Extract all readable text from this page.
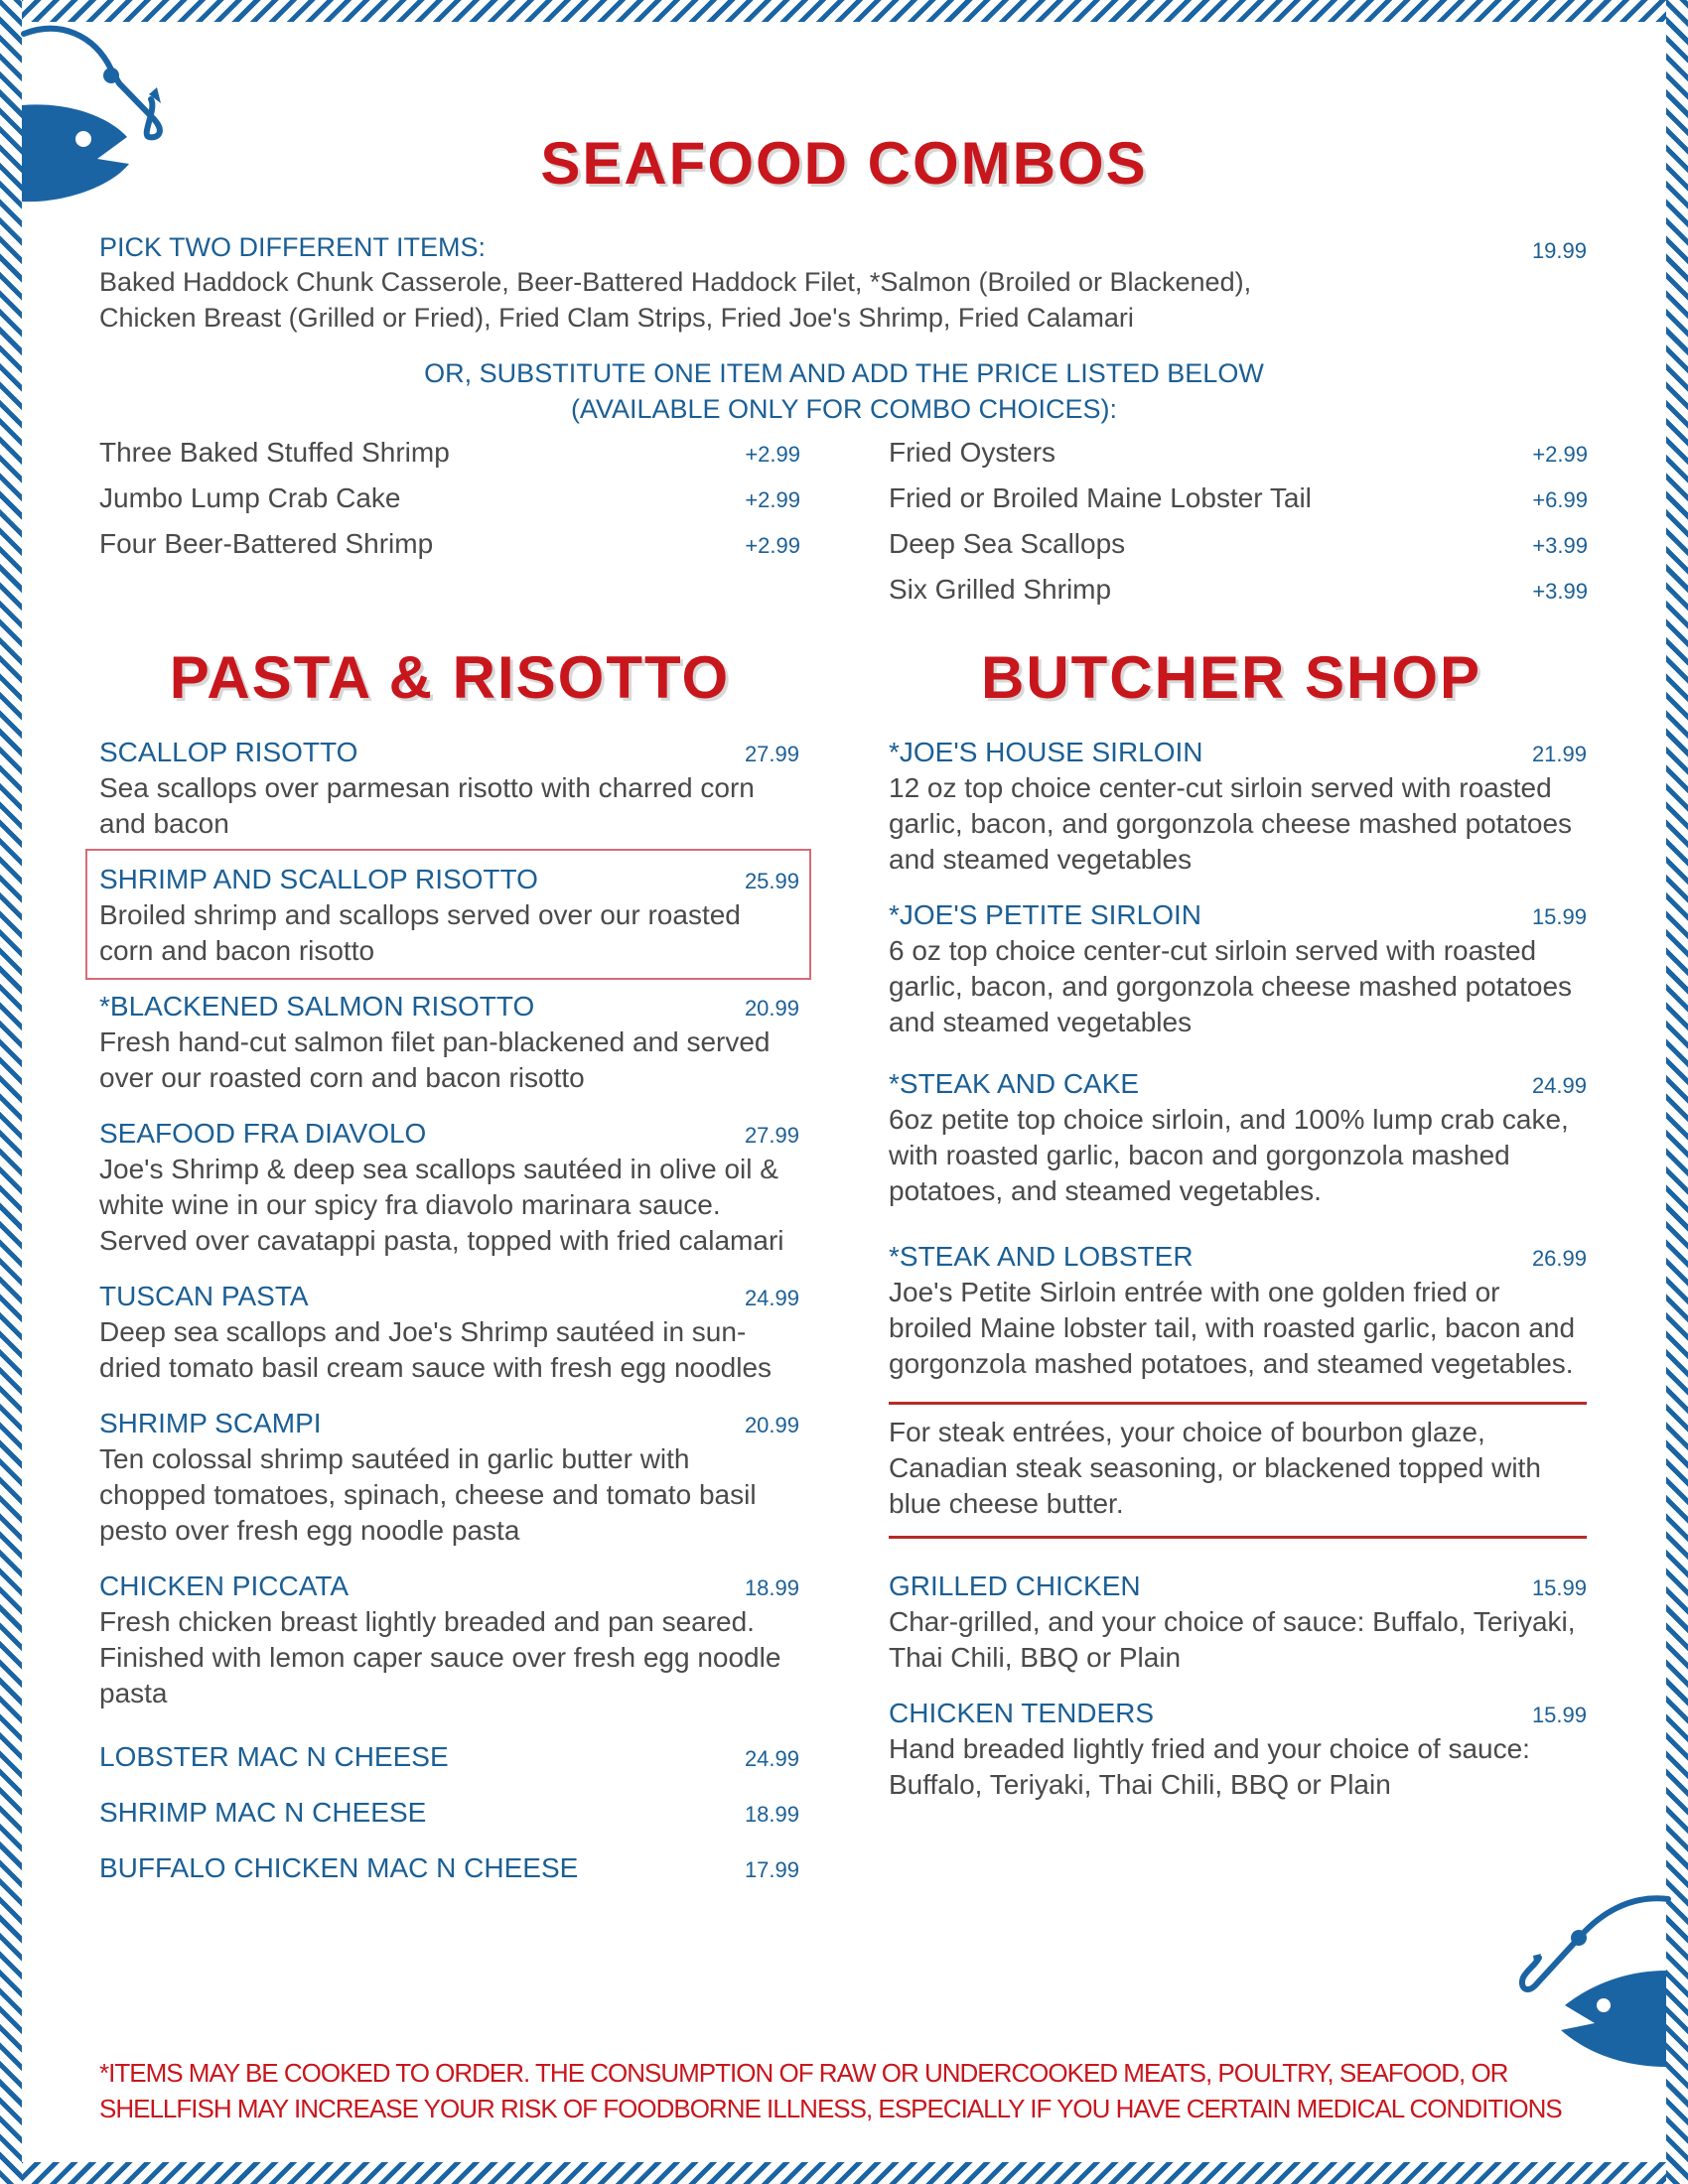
SEAFOOD COMBOS
PICK TWO DIFFERENT ITEMS:	19.99
Baked Haddock Chunk Casserole, Beer-Battered Haddock Filet, *Salmon (Broiled or Blackened),
Chicken Breast (Grilled or Fried), Fried Clam Strips, Fried Joe's Shrimp, Fried Calamari
OR, SUBSTITUTE ONE ITEM AND ADD THE PRICE LISTED BELOW
(AVAILABLE ONLY FOR COMBO CHOICES):
Three Baked Stuffed Shrimp	+2.99
Jumbo Lump Crab Cake	+2.99
Four Beer-Battered Shrimp	+2.99
Fried Oysters	+2.99
Fried or Broiled Maine Lobster Tail	+6.99
Deep Sea Scallops	+3.99
Six Grilled Shrimp	+3.99
PASTA & RISOTTO	BUTCHER SHOP
SCALLOP RISOTTO	27.99
Sea scallops over parmesan risotto with charred corn and bacon
SHRIMP AND SCALLOP RISOTTO	25.99
Broiled shrimp and scallops served over our roasted corn and bacon risotto
*BLACKENED SALMON RISOTTO	20.99
Fresh hand-cut salmon filet pan-blackened and served over our roasted corn and bacon risotto
SEAFOOD FRA DIAVOLO	27.99
Joe's Shrimp & deep sea scallops sautéed in olive oil & white wine in our spicy fra diavolo marinara sauce. Served over cavatappi pasta, topped with fried calamari
TUSCAN PASTA	24.99
Deep sea scallops and Joe's Shrimp sautéed in sun-dried tomato basil cream sauce with fresh egg noodles
SHRIMP SCAMPI	20.99
Ten colossal shrimp sautéed in garlic butter with chopped tomatoes, spinach, cheese and tomato basil pesto over fresh egg noodle pasta
CHICKEN PICCATA	18.99
Fresh chicken breast lightly breaded and pan seared. Finished with lemon caper sauce over fresh egg noodle pasta
LOBSTER MAC N CHEESE	24.99
SHRIMP MAC N CHEESE	18.99
BUFFALO CHICKEN MAC N CHEESE	17.99
*JOE'S HOUSE SIRLOIN	21.99
12 oz top choice center-cut sirloin served with roasted garlic, bacon, and gorgonzola cheese mashed potatoes and steamed vegetables
*JOE'S PETITE SIRLOIN	15.99
6 oz top choice center-cut sirloin served with roasted garlic, bacon, and gorgonzola cheese mashed potatoes and steamed vegetables
*STEAK AND CAKE	24.99
6oz petite top choice sirloin, and 100% lump crab cake, with roasted garlic, bacon and gorgonzola mashed potatoes, and steamed vegetables.
*STEAK AND LOBSTER	26.99
Joe's Petite Sirloin entrée with one golden fried or broiled Maine lobster tail, with roasted garlic, bacon and gorgonzola mashed potatoes, and steamed vegetables.
For steak entrées, your choice of bourbon glaze, Canadian steak seasoning, or blackened topped with blue cheese butter.
GRILLED CHICKEN	15.99
Char-grilled, and your choice of sauce: Buffalo, Teriyaki, Thai Chili, BBQ or Plain
CHICKEN TENDERS	15.99
Hand breaded lightly fried and your choice of sauce: Buffalo, Teriyaki, Thai Chili, BBQ or Plain
*ITEMS MAY BE COOKED TO ORDER. THE CONSUMPTION OF RAW OR UNDERCOOKED MEATS, POULTRY, SEAFOOD, OR SHELLFISH MAY INCREASE YOUR RISK OF FOODBORNE ILLNESS, ESPECIALLY IF YOU HAVE CERTAIN MEDICAL CONDITIONS
